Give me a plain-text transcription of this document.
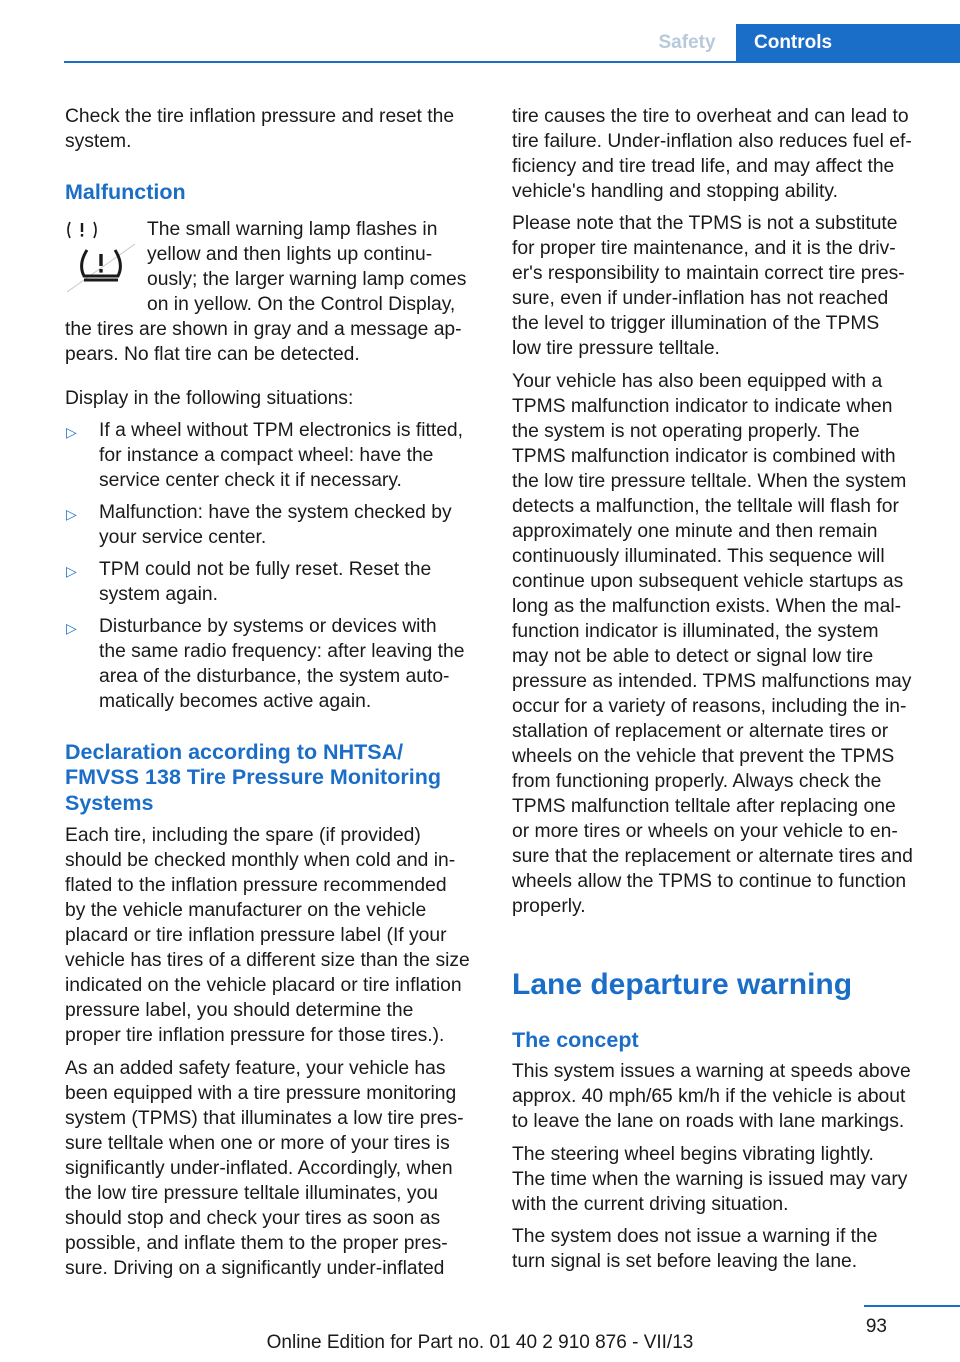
Safety	Controls
Check the tire inflation pressure and reset the
system.
Malfunction
The small warning lamp flashes in
yellow and then lights up continu-
ously; the larger warning lamp comes
on in yellow. On the Control Display,
the tires are shown in gray and a message ap-
pears. No flat tire can be detected.
Display in the following situations:
▷ If a wheel without TPM electronics is fitted,
for instance a compact wheel: have the
service center check it if necessary.
▷ Malfunction: have the system checked by
your service center.
▷ TPM could not be fully reset. Reset the
system again.
▷ Disturbance by systems or devices with
the same radio frequency: after leaving the
area of the disturbance, the system auto-
matically becomes active again.
Declaration according to NHTSA/
FMVSS 138 Tire Pressure Monitoring
Systems
Each tire, including the spare (if provided)
should be checked monthly when cold and in-
flated to the inflation pressure recommended
by the vehicle manufacturer on the vehicle
placard or tire inflation pressure label (If your
vehicle has tires of a different size than the size
indicated on the vehicle placard or tire inflation
pressure label, you should determine the
proper tire inflation pressure for those tires.).
As an added safety feature, your vehicle has
been equipped with a tire pressure monitoring
system (TPMS) that illuminates a low tire pres-
sure telltale when one or more of your tires is
significantly under-inflated. Accordingly, when
the low tire pressure telltale illuminates, you
should stop and check your tires as soon as
possible, and inflate them to the proper pres-
sure. Driving on a significantly under-inflated
tire causes the tire to overheat and can lead to
tire failure. Under-inflation also reduces fuel ef-
ficiency and tire tread life, and may affect the
vehicle's handling and stopping ability.
Please note that the TPMS is not a substitute
for proper tire maintenance, and it is the driv-
er's responsibility to maintain correct tire pres-
sure, even if under-inflation has not reached
the level to trigger illumination of the TPMS
low tire pressure telltale.
Your vehicle has also been equipped with a
TPMS malfunction indicator to indicate when
the system is not operating properly. The
TPMS malfunction indicator is combined with
the low tire pressure telltale. When the system
detects a malfunction, the telltale will flash for
approximately one minute and then remain
continuously illuminated. This sequence will
continue upon subsequent vehicle startups as
long as the malfunction exists. When the mal-
function indicator is illuminated, the system
may not be able to detect or signal low tire
pressure as intended. TPMS malfunctions may
occur for a variety of reasons, including the in-
stallation of replacement or alternate tires or
wheels on the vehicle that prevent the TPMS
from functioning properly. Always check the
TPMS malfunction telltale after replacing one
or more tires or wheels on your vehicle to en-
sure that the replacement or alternate tires and
wheels allow the TPMS to continue to function
properly.
Lane departure warning
The concept
This system issues a warning at speeds above
approx. 40 mph/65 km/h if the vehicle is about
to leave the lane on roads with lane markings.
The steering wheel begins vibrating lightly.
The time when the warning is issued may vary
with the current driving situation.
The system does not issue a warning if the
turn signal is set before leaving the lane.
93
Online Edition for Part no. 01 40 2 910 876 - VII/13
